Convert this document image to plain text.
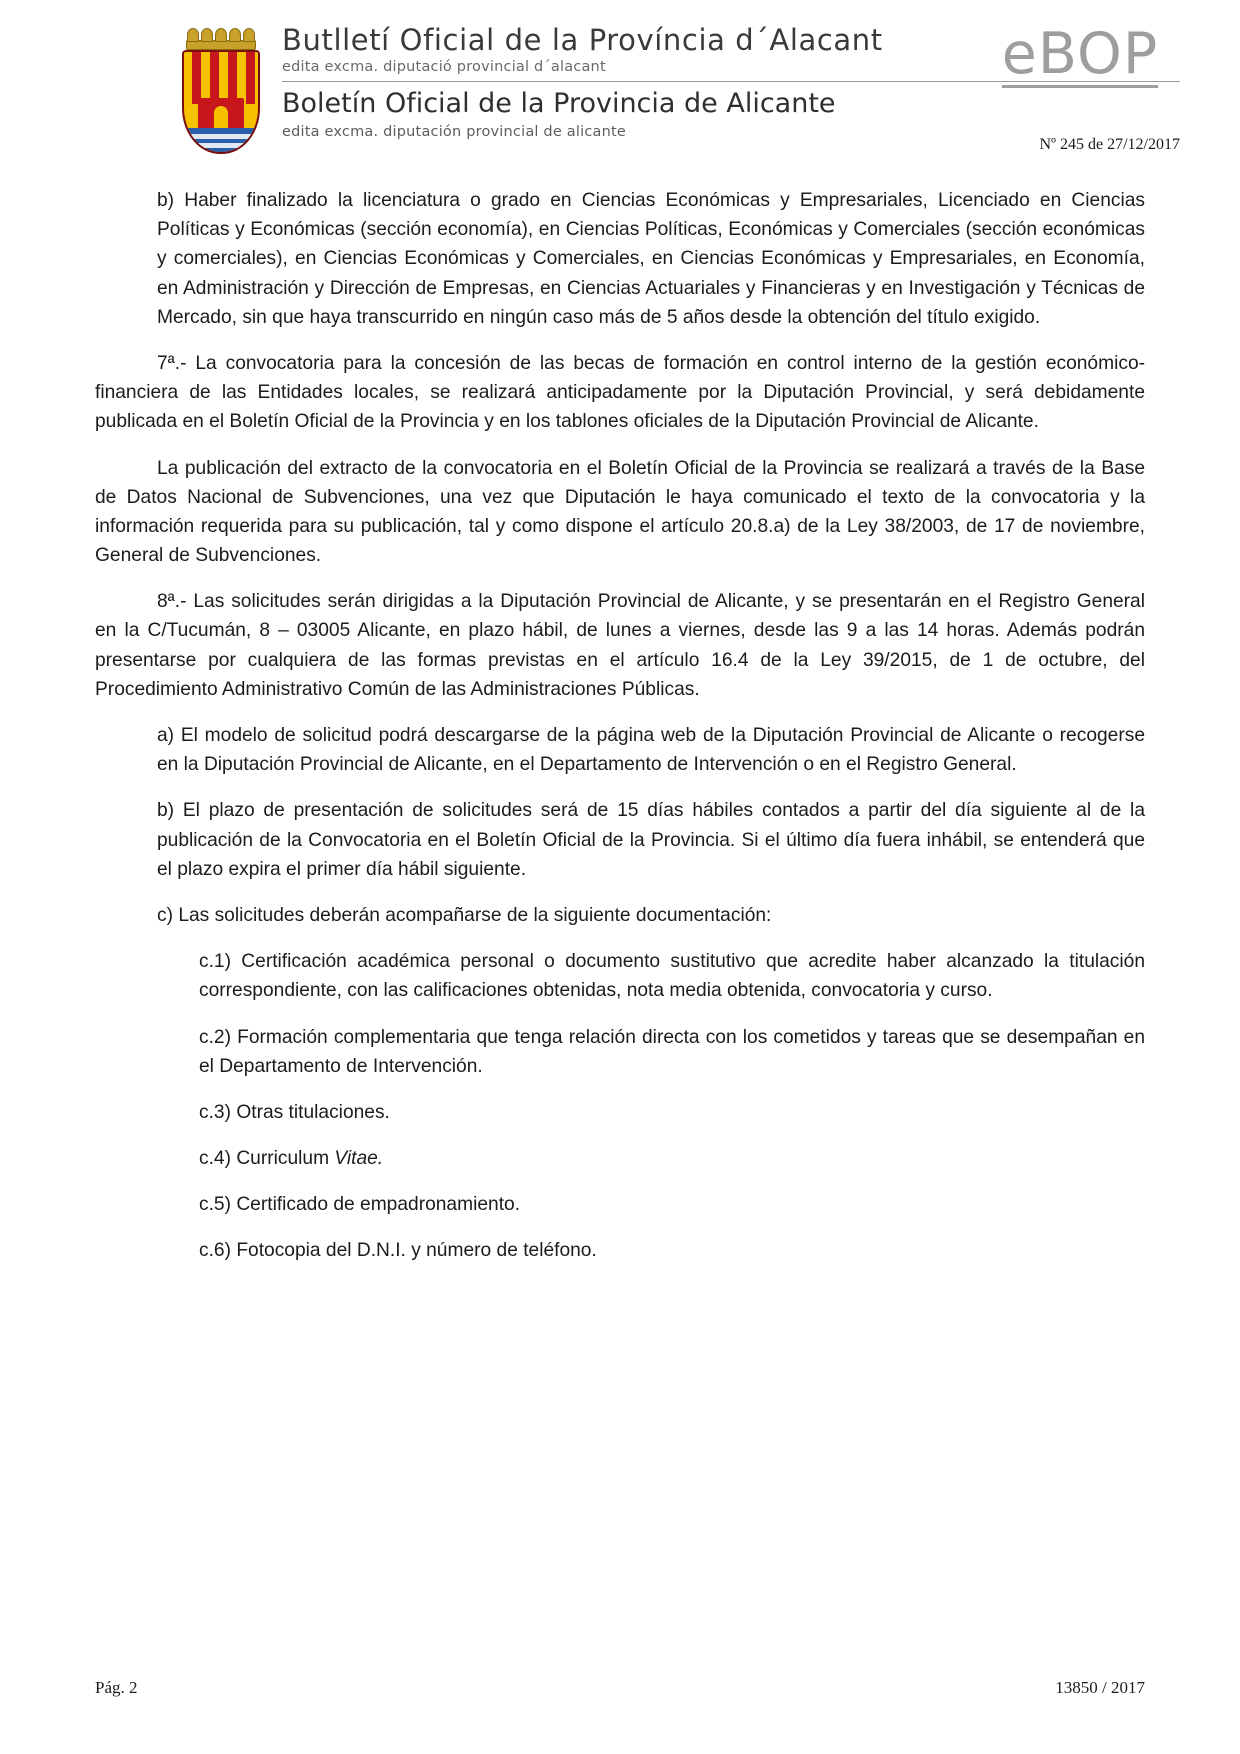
Butlletí Oficial de la Província d´Alacant
edita excma. diputació provincial d´alacant
Boletín Oficial de la Provincia de Alicante
edita excma. diputación provincial de alicante
eBOP
Nº 245 de 27/12/2017

b) Haber finalizado la licenciatura o grado en Ciencias Económicas y Empresariales, Licenciado en Ciencias Políticas y Económicas (sección economía), en Ciencias Políticas, Económicas y Comerciales (sección económicas y comerciales), en Ciencias Económicas y Comerciales, en Ciencias Económicas y Empresariales, en Economía, en Administración y Dirección de Empresas, en Ciencias Actuariales y Financieras y en Investigación y Técnicas de Mercado, sin que haya transcurrido en ningún caso más de 5 años desde la obtención del título exigido.

7ª.- La convocatoria para la concesión de las becas de formación en control interno de la gestión económico-financiera de las Entidades locales, se realizará anticipadamente por la Diputación Provincial, y será debidamente publicada en el Boletín Oficial de la Provincia y en los tablones oficiales de la Diputación Provincial de Alicante.

La publicación del extracto de la convocatoria en el Boletín Oficial de la Provincia se realizará a través de la Base de Datos Nacional de Subvenciones, una vez que Diputación le haya comunicado el texto de la convocatoria y la información requerida para su publicación, tal y como dispone el artículo 20.8.a) de la Ley 38/2003, de 17 de noviembre, General de Subvenciones.

8ª.- Las solicitudes serán dirigidas a la Diputación Provincial de Alicante, y se presentarán en el Registro General en la C/Tucumán, 8 – 03005 Alicante, en plazo hábil, de lunes a viernes, desde las 9 a las 14 horas. Además podrán presentarse por cualquiera de las formas previstas en el artículo 16.4 de la Ley 39/2015, de 1 de octubre, del Procedimiento Administrativo Común de las Administraciones Públicas.

a) El modelo de solicitud podrá descargarse de la página web de la Diputación Provincial de Alicante o recogerse en la Diputación Provincial de Alicante, en el Departamento de Intervención o en el Registro General.

b) El plazo de presentación de solicitudes será de 15 días hábiles contados a partir del día siguiente al de la publicación de la Convocatoria en el Boletín Oficial de la Provincia. Si el último día fuera inhábil, se entenderá que el plazo expira el primer día hábil siguiente.

c) Las solicitudes deberán acompañarse de la siguiente documentación:

c.1) Certificación académica personal o documento sustitutivo que acredite haber alcanzado la titulación correspondiente, con las calificaciones obtenidas, nota media obtenida, convocatoria y curso.

c.2) Formación complementaria que tenga relación directa con los cometidos y tareas que se desempañan en el Departamento de Intervención.

c.3) Otras titulaciones.

c.4) Curriculum Vitae.

c.5) Certificado de empadronamiento.

c.6) Fotocopia del D.N.I. y número de teléfono.

Pág. 2	13850 / 2017
